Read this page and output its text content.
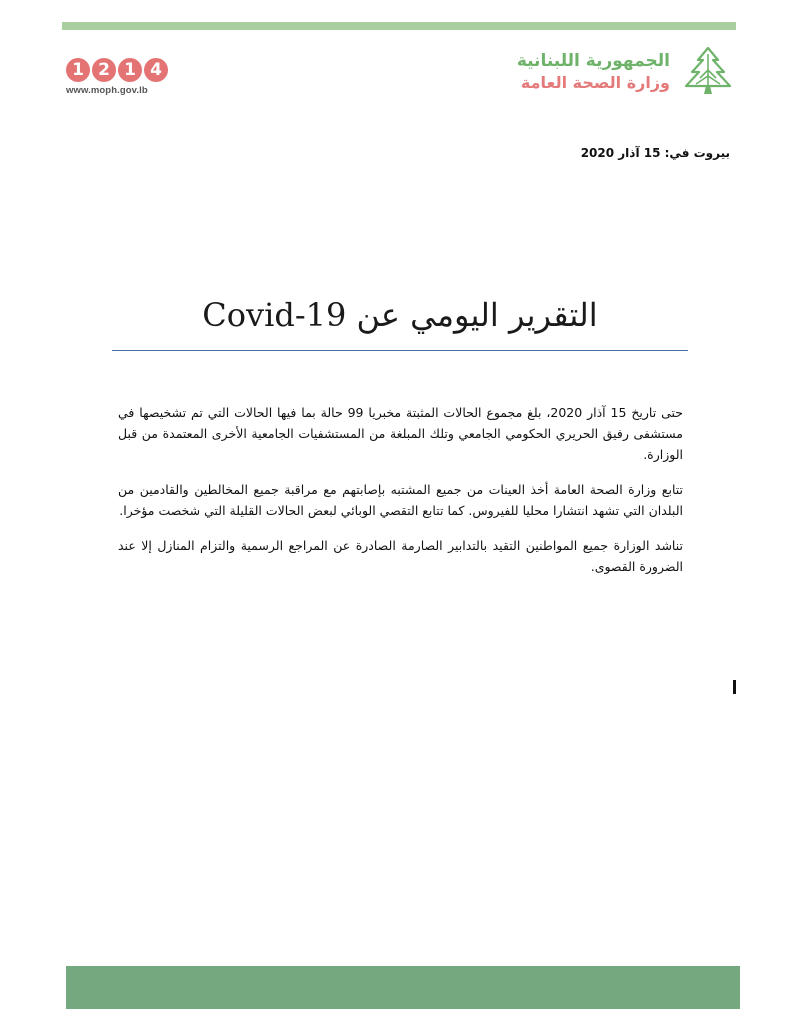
1 2 1 4
www.moph.gov.lb
الجمهورية اللبنانية
وزارة الصحة العامة
بيروت في: 15 آذار 2020
التقرير اليومي عن Covid-19

حتى تاريخ 15 آذار 2020، بلغ مجموع الحالات المثبتة مخبريا 99 حالة بما فيها الحالات التي تم تشخيصها في مستشفى رفيق الحريري الحكومي الجامعي وتلك المبلغة من المستشفيات الجامعية الأخرى المعتمدة من قبل الوزارة.

تتابع وزارة الصحة العامة أخذ العينات من جميع المشتبه بإصابتهم مع مراقبة جميع المخالطين والقادمين من البلدان التي تشهد انتشارا محليا للفيروس. كما تتابع التقصي الوبائي لبعض الحالات القليلة التي شخصت مؤخرا.

تناشد الوزارة جميع المواطنين التقيد بالتدابير الصارمة الصادرة عن المراجع الرسمية والتزام المنازل إلا عند الضرورة القصوى.
